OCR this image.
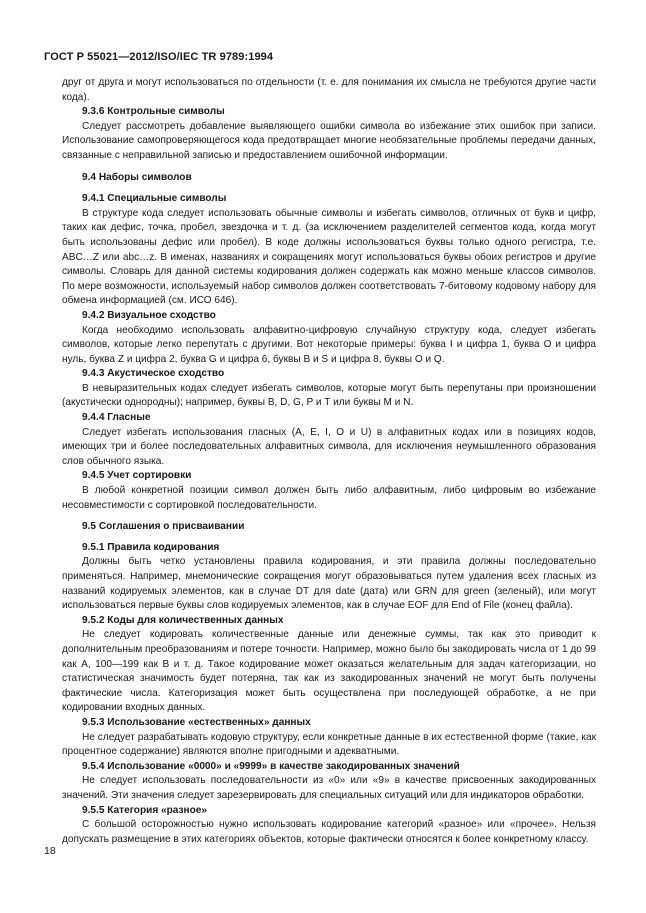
ГОСТ Р 55021—2012/ISO/IEC TR 9789:1994

друг от друга и могут использоваться по отдельности (т. е. для понимания их смысла не требуются другие части кода).

9.3.6 Контрольные символы

Следует рассмотреть добавление выявляющего ошибки символа во избежание этих ошибок при записи. Использование самопроверяющегося кода предотвращает многие необязательные проблемы передачи данных, связанные с неправильной записью и предоставлением ошибочной информации.

9.4 Наборы символов

9.4.1 Специальные символы

В структуре кода следует использовать обычные символы и избегать символов, отличных от букв и цифр, таких как дефис, точка, пробел, звездочка и т. д. (за исключением разделителей сегментов кода, когда могут быть использованы дефис или пробел). В коде должны использоваться буквы только одного регистра, т.е. ABC…Z или abc…z. В именах, названиях и сокращениях могут использоваться буквы обоих регистров и другие символы. Словарь для данной системы кодирования должен содержать как можно меньше классов символов. По мере возможности, используемый набор символов должен соответствовать 7-битовому кодовому набору для обмена информацией (см. ИСО 646).

9.4.2 Визуальное сходство

Когда необходимо использовать алфавитно-цифровую случайную структуру кода, следует избегать символов, которые легко перепутать с другими. Вот некоторые примеры: буква I и цифра 1, буква O и цифра нуль, буква Z и цифра 2, буква G и цифра 6, буквы B и S и цифра 8, буквы O и Q.

9.4.3 Акустическое сходство

В невыразительных кодах следует избегать символов, которые могут быть перепутаны при произношении (акустически однородны); например, буквы B, D, G, P и T или буквы M и N.

9.4.4 Гласные

Следует избегать использования гласных (A, E, I, O и U) в алфавитных кодах или в позициях кодов, имеющих три и более последовательных алфавитных символа, для исключения неумышленного образования слов обычного языка.

9.4.5 Учет сортировки

В любой конкретной позиции символ должен быть либо алфавитным, либо цифровым во избежание несовместимости с сортировкой последовательности.

9.5 Соглашения о присваивании

9.5.1 Правила кодирования

Должны быть четко установлены правила кодирования, и эти правила должны последовательно применяться. Например, мнемонические сокращения могут образовываться путем удаления всех гласных из названий кодируемых элементов, как в случае DT для date (дата) или GRN для green (зеленый), или могут использоваться первые буквы слов кодируемых элементов, как в случае EOF для End of File (конец файла).

9.5.2 Коды для количественных данных

Не следует кодировать количественные данные или денежные суммы, так как это приводит к дополнительным преобразованиям и потере точности. Например, можно было бы закодировать числа от 1 до 99 как A, 100—199 как B и т. д. Такое кодирование может оказаться желательным для задач категоризации, но статистическая значимость будет потеряна, так как из закодированных значений не могут быть получены фактические числа. Категоризация может быть осуществлена при последующей обработке, а не при кодировании входных данных.

9.5.3 Использование «естественных» данных

Не следует разрабатывать кодовую структуру, если конкретные данные в их естественной форме (такие, как процентное содержание) являются вполне пригодными и адекватными.

9.5.4 Использование «0000» и «9999» в качестве закодированных значений

Не следует использовать последовательности из «0» или «9» в качестве присвоенных закодированных значений. Эти значения следует зарезервировать для специальных ситуаций или для индикаторов обработки.

9.5.5 Категория «разное»

С большой осторожностью нужно использовать кодирование категорий «разное» или «прочее». Нельзя допускать размещение в этих категориях объектов, которые фактически относятся к более конкретному классу.

18
